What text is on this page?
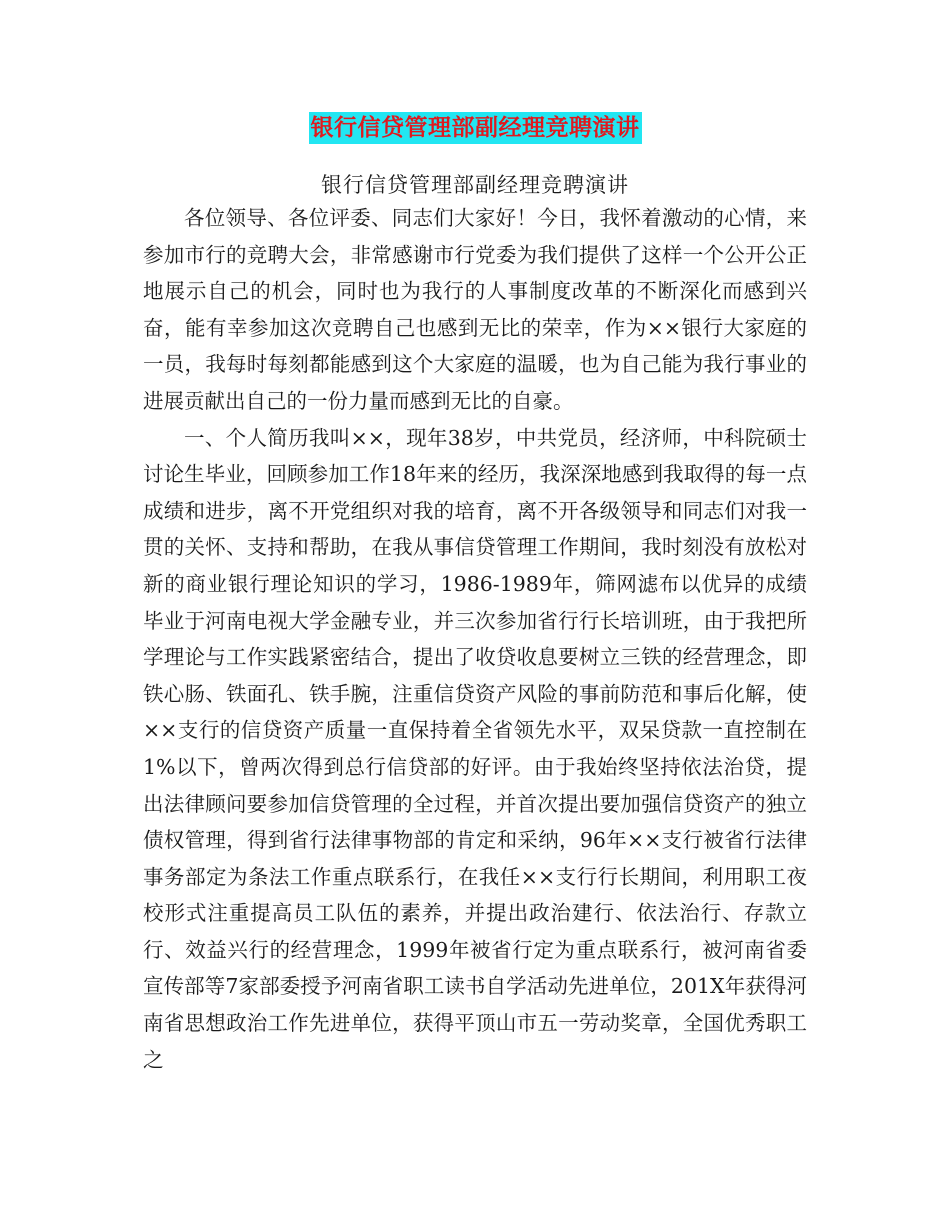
银行信贷管理部副经理竞聘演讲
银行信贷管理部副经理竞聘演讲

各位领导、各位评委、同志们大家好！今日，我怀着激动的心情，来参加市行的竞聘大会，非常感谢市行党委为我们提供了这样一个公开公正地展示自己的机会，同时也为我行的人事制度改革的不断深化而感到兴奋，能有幸参加这次竞聘自己也感到无比的荣幸，作为××银行大家庭的一员，我每时每刻都能感到这个大家庭的温暖，也为自己能为我行事业的进展贡献出自己的一份力量而感到无比的自豪。

一、个人简历我叫××，现年38岁，中共党员，经济师，中科院硕士讨论生毕业，回顾参加工作18年来的经历，我深深地感到我取得的每一点成绩和进步，离不开党组织对我的培育，离不开各级领导和同志们对我一贯的关怀、支持和帮助，在我从事信贷管理工作期间，我时刻没有放松对新的商业银行理论知识的学习，1986-1989年，筛网滤布以优异的成绩毕业于河南电视大学金融专业，并三次参加省行行长培训班，由于我把所学理论与工作实践紧密结合，提出了收贷收息要树立三铁的经营理念，即铁心肠、铁面孔、铁手腕，注重信贷资产风险的事前防范和事后化解，使××支行的信贷资产质量一直保持着全省领先水平，双呆贷款一直控制在1%以下，曾两次得到总行信贷部的好评。由于我始终坚持依法治贷，提出法律顾问要参加信贷管理的全过程，并首次提出要加强信贷资产的独立债权管理，得到省行法律事物部的肯定和采纳，96年××支行被省行法律事务部定为条法工作重点联系行，在我任××支行行长期间，利用职工夜校形式注重提高员工队伍的素养，并提出政治建行、依法治行、存款立行、效益兴行的经营理念，1999年被省行定为重点联系行，被河南省委宣传部等7家部委授予河南省职工读书自学活动先进单位，201X年获得河南省思想政治工作先进单位，获得平顶山市五一劳动奖章，全国优秀职工之
